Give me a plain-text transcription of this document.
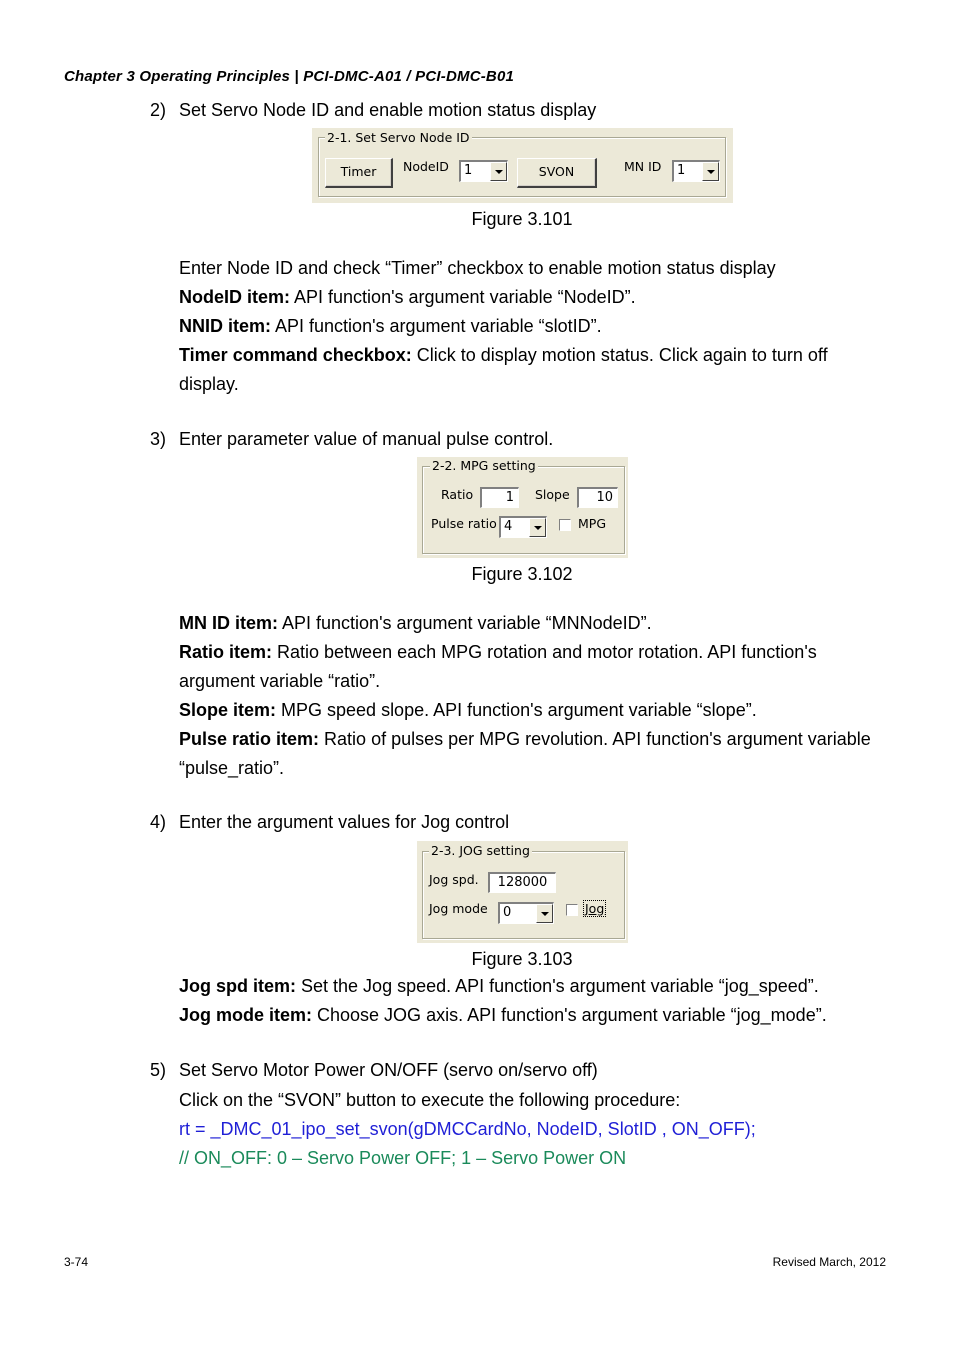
Chapter 3 Operating Principles | PCI-DMC-A01 / PCI-DMC-B01
2) Set Servo Node ID and enable motion status display
2-1. Set Servo Node ID
Timer	NodeID 1	SVON	MN ID 1
Figure 3.101

Enter Node ID and check “Timer” checkbox to enable motion status display

NodeID item: API function's argument variable “NodeID”.

NNID item: API function's argument variable “slotID”.

Timer command checkbox: Click to display motion status. Click again to turn off display.

3) Enter parameter value of manual pulse control.
2-2. MPG setting
Ratio	1	Slope	10
Pulse ratio 4	MPG
Figure 3.102

MN ID item: API function's argument variable “MNNodeID”.

Ratio item: Ratio between each MPG rotation and motor rotation. API function's argument variable “ratio”.

Slope item: MPG speed slope. API function's argument variable “slope”.

Pulse ratio item: Ratio of pulses per MPG revolution. API function's argument variable “pulse_ratio”.

4) Enter the argument values for Jog control
2-3. JOG setting
Jog spd.	128000
Jog mode 0	Jog
Figure 3.103

Jog spd item: Set the Jog speed. API function's argument variable “jog_speed”.

Jog mode item: Choose JOG axis. API function's argument variable “jog_mode”.

5) Set Servo Motor Power ON/OFF (servo on/servo off)

Click on the “SVON” button to execute the following procedure:

rt = _DMC_01_ipo_set_svon(gDMCCardNo, NodeID, SlotID , ON_OFF);

// ON_OFF: 0 – Servo Power OFF; 1 – Servo Power ON

3-74	Revised March, 2012
